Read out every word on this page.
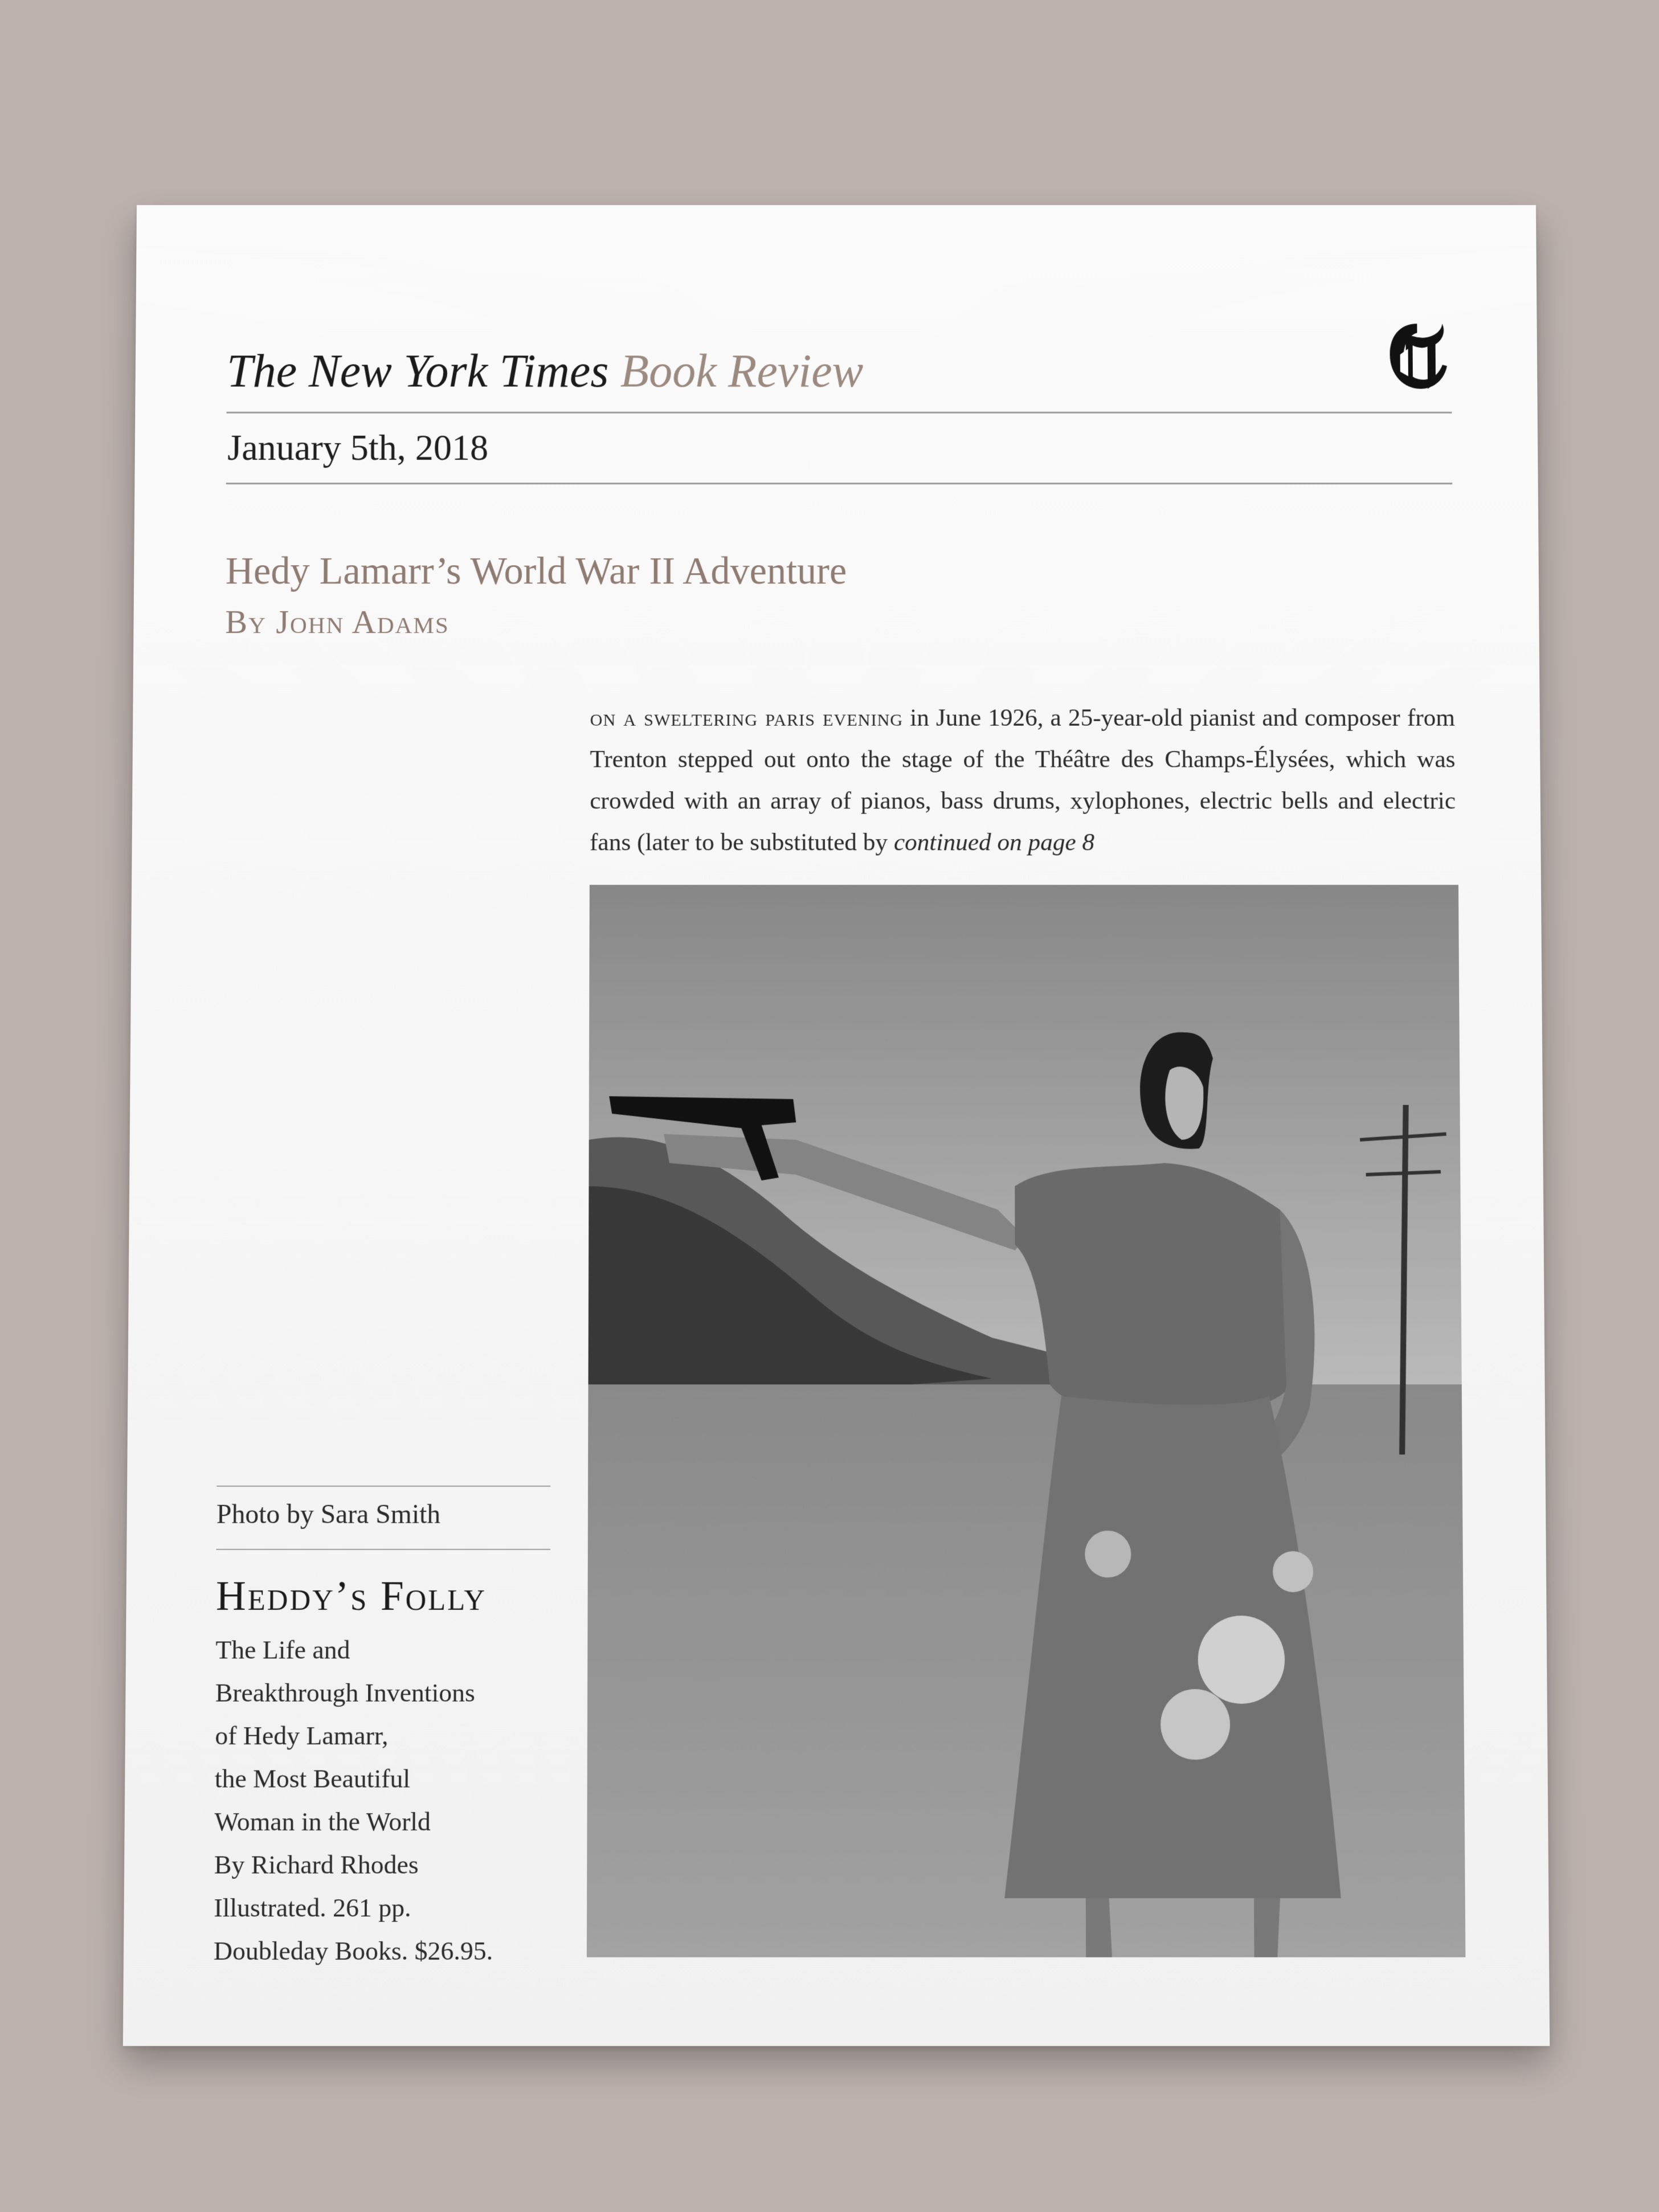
The New York Times Book Review
January 5th, 2018
Hedy Lamarr’s World War II Adventure
By John Adams
on a sweltering paris evening in June 1926, a 25-year-old pianist and composer from Trenton stepped out onto the stage of the Théâtre des Champs-Élysées, which was crowded with an array of pianos, bass drums, xylophones, electric bells and electric fans (later to be substituted by continued on page 8
Photo by Sara Smith
Heddy’s Folly
The Life and
Breakthrough Inventions
of Hedy Lamarr,
the Most Beautiful
Woman in the World
By Richard Rhodes
Illustrated. 261 pp.
Doubleday Books. $26.95.
